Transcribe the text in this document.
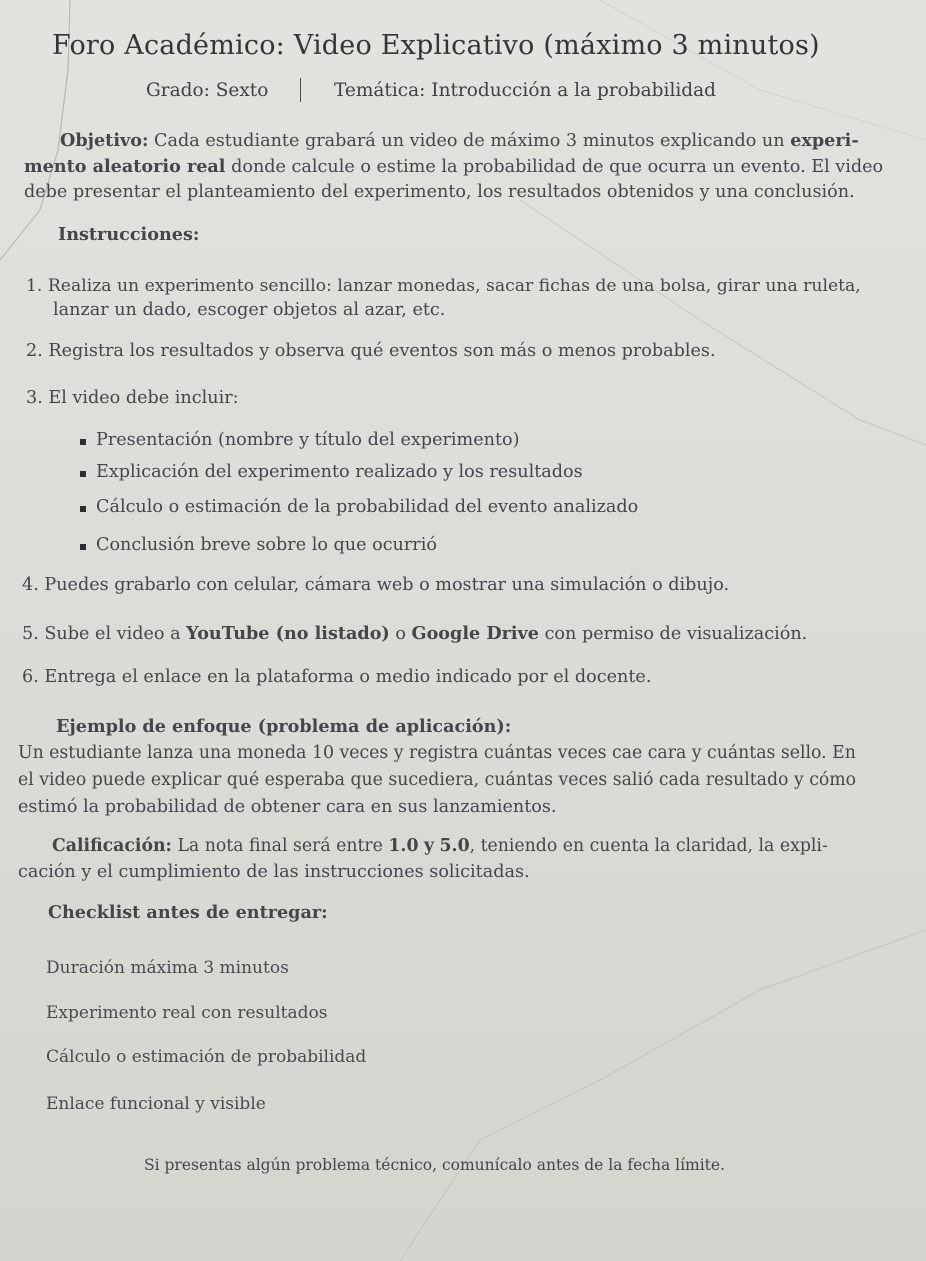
Foro Académico: Video Explicativo (máximo 3 minutos)
Grado: Sexto	Temática: Introducción a la probabilidad
Objetivo: Cada estudiante grabará un video de máximo 3 minutos explicando un experi-
mento aleatorio real donde calcule o estime la probabilidad de que ocurra un evento. El video
debe presentar el planteamiento del experimento, los resultados obtenidos y una conclusión.
Instrucciones:
1. Realiza un experimento sencillo: lanzar monedas, sacar fichas de una bolsa, girar una ruleta,
lanzar un dado, escoger objetos al azar, etc.
2. Registra los resultados y observa qué eventos son más o menos probables.
3. El video debe incluir:
Presentación (nombre y título del experimento)
Explicación del experimento realizado y los resultados
Cálculo o estimación de la probabilidad del evento analizado
Conclusión breve sobre lo que ocurrió
4. Puedes grabarlo con celular, cámara web o mostrar una simulación o dibujo.
5. Sube el video a YouTube (no listado) o Google Drive con permiso de visualización.
6. Entrega el enlace en la plataforma o medio indicado por el docente.
Ejemplo de enfoque (problema de aplicación):
Un estudiante lanza una moneda 10 veces y registra cuántas veces cae cara y cuántas sello. En
el video puede explicar qué esperaba que sucediera, cuántas veces salió cada resultado y cómo
estimó la probabilidad de obtener cara en sus lanzamientos.
Calificación: La nota final será entre 1.0 y 5.0, teniendo en cuenta la claridad, la expli-
cación y el cumplimiento de las instrucciones solicitadas.
Checklist antes de entregar:
Duración máxima 3 minutos
Experimento real con resultados
Cálculo o estimación de probabilidad
Enlace funcional y visible
Si presentas algún problema técnico, comunícalo antes de la fecha límite.
